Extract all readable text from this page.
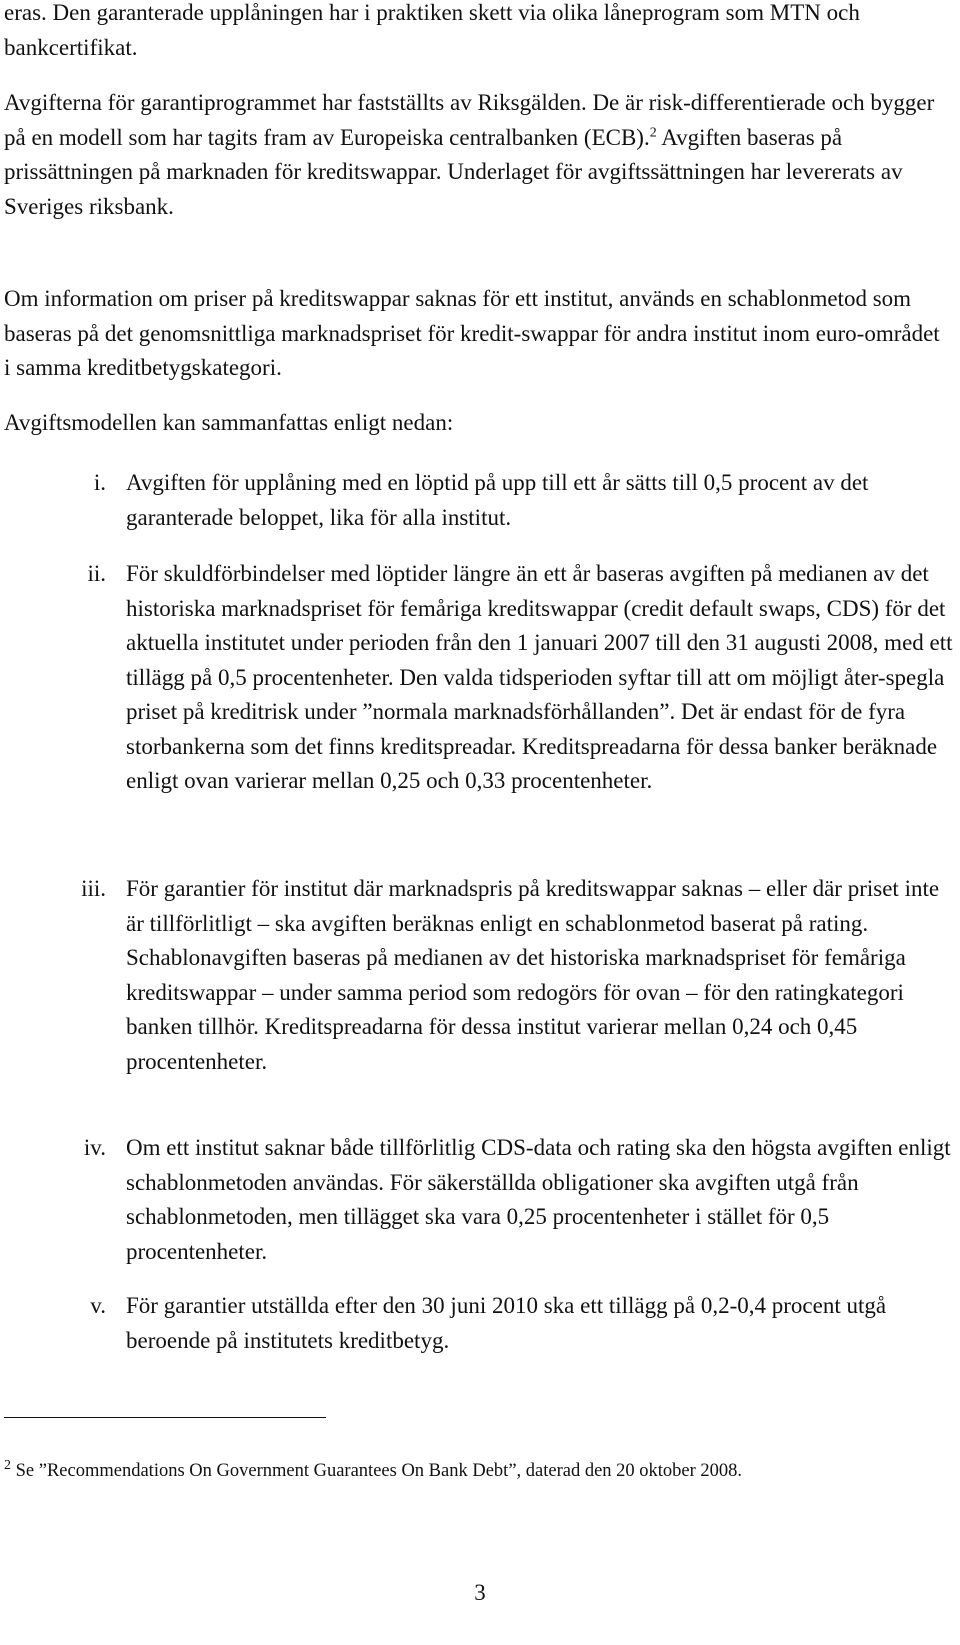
eras. Den garanterade upplåningen har i praktiken skett via olika låneprogram som MTN och bankcertifikat.

Avgifterna för garantiprogrammet har fastställts av Riksgälden. De är risk-differentierade och bygger på en modell som har tagits fram av Europeiska centralbanken (ECB).$^2$ Avgiften baseras på prissättningen på marknaden för kreditswappar. Underlaget för avgiftssättningen har levererats av Sveriges riksbank.

Om information om priser på kreditswappar saknas för ett institut, används en schablonmetod som baseras på det genomsnittliga marknadspriset för kredit-swappar för andra institut inom euro-området i samma kreditbetygskategori.

Avgiftsmodellen kan sammanfattas enligt nedan:

i. Avgiften för upplåning med en löptid på upp till ett år sätts till 0,5 procent av det garanterade beloppet, lika för alla institut.

ii. För skuldförbindelser med löptider längre än ett år baseras avgiften på medianen av det historiska marknadspriset för femåriga kreditswappar (credit default swaps, CDS) för det aktuella institutet under perioden från den 1 januari 2007 till den 31 augusti 2008, med ett tillägg på 0,5 procentenheter. Den valda tidsperioden syftar till att om möjligt åter-spegla priset på kreditrisk under ”normala marknadsförhållanden”. Det är endast för de fyra storbankerna som det finns kreditspreadar. Kreditspreadarna för dessa banker beräknade enligt ovan varierar mellan 0,25 och 0,33 procentenheter.

iii. För garantier för institut där marknadspris på kreditswappar saknas – eller där priset inte är tillförlitligt – ska avgiften beräknas enligt en schablonmetod baserat på rating. Schablonavgiften baseras på medianen av det historiska marknadspriset för femåriga kreditswappar – under samma period som redogörs för ovan – för den ratingkategori banken tillhör. Kreditspreadarna för dessa institut varierar mellan 0,24 och 0,45 procentenheter.

iv. Om ett institut saknar både tillförlitlig CDS-data och rating ska den högsta avgiften enligt schablonmetoden användas. För säkerställda obligationer ska avgiften utgå från schablonmetoden, men tillägget ska vara 0,25 procentenheter i stället för 0,5 procentenheter.

v. För garantier utställda efter den 30 juni 2010 ska ett tillägg på 0,2-0,4 procent utgå beroende på institutets kreditbetyg.

$^2$ Se ”Recommendations On Government Guarantees On Bank Debt”, daterad den 20 oktober 2008.

3
